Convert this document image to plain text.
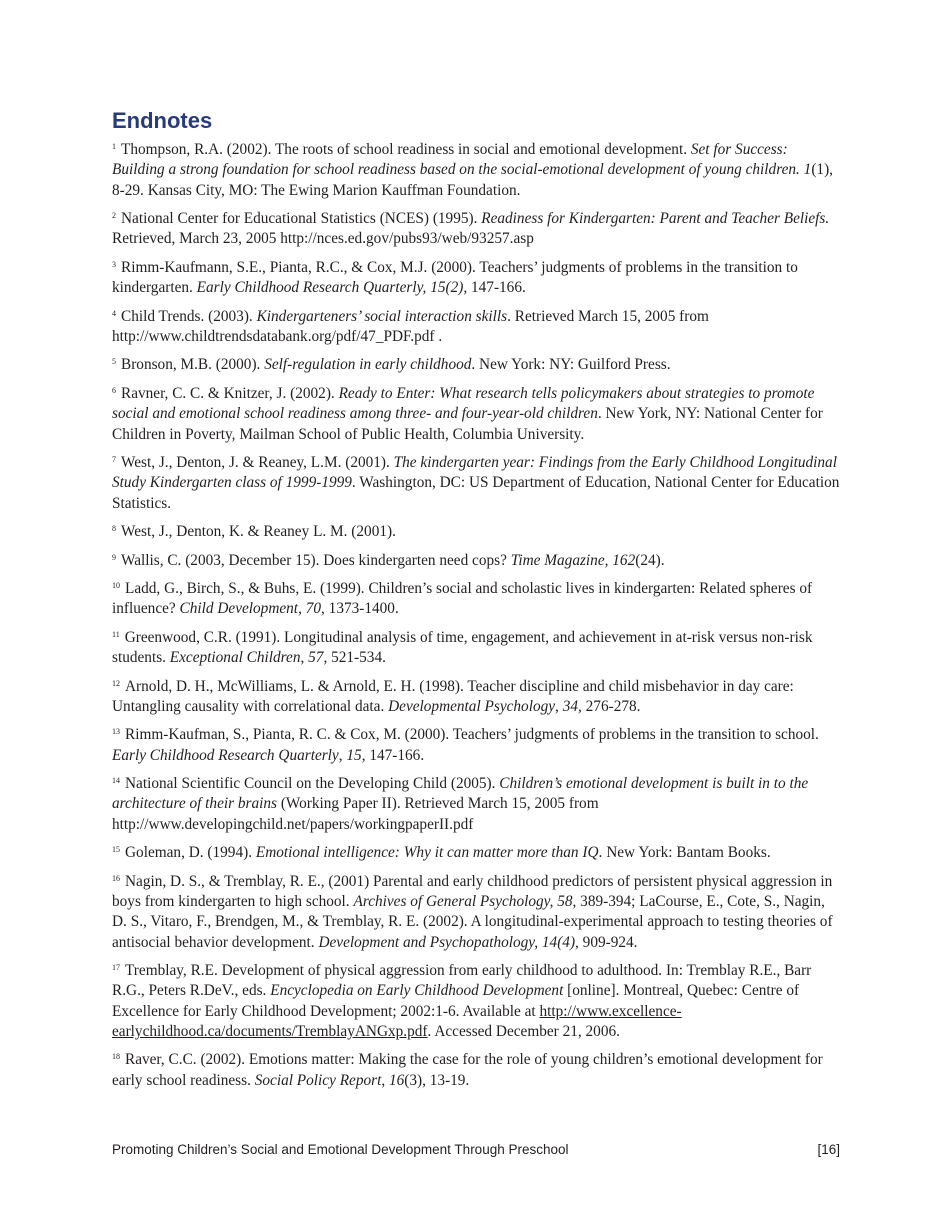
Endnotes

$^1$ Thompson, R.A. (2002). The roots of school readiness in social and emotional development. Set for Success: Building a strong foundation for school readiness based on the social-emotional development of young children. 1(1), 8-29. Kansas City, MO: The Ewing Marion Kauffman Foundation.

$^2$ National Center for Educational Statistics (NCES) (1995). Readiness for Kindergarten: Parent and Teacher Beliefs. Retrieved, March 23, 2005 http://nces.ed.gov/pubs93/web/93257.asp

$^3$ Rimm-Kaufmann, S.E., Pianta, R.C., & Cox, M.J. (2000). Teachers’ judgments of problems in the transition to kindergarten. Early Childhood Research Quarterly, 15(2), 147-166.

$^4$ Child Trends. (2003). Kindergarteners’ social interaction skills. Retrieved March 15, 2005 from http://www.childtrendsdatabank.org/pdf/47_PDF.pdf .

$^5$ Bronson, M.B. (2000). Self-regulation in early childhood. New York: NY: Guilford Press.

$^6$ Ravner, C. C. & Knitzer, J. (2002). Ready to Enter: What research tells policymakers about strategies to promote social and emotional school readiness among three- and four-year-old children. New York, NY: National Center for Children in Poverty, Mailman School of Public Health, Columbia University.

$^7$ West, J., Denton, J. & Reaney, L.M. (2001). The kindergarten year: Findings from the Early Childhood Longitudinal Study Kindergarten class of 1999-1999. Washington, DC: US Department of Education, National Center for Education Statistics.

$^8$ West, J., Denton, K. & Reaney L. M. (2001).

$^9$ Wallis, C. (2003, December 15). Does kindergarten need cops? Time Magazine, 162(24).

$^{10}$ Ladd, G., Birch, S., & Buhs, E. (1999). Children’s social and scholastic lives in kindergarten: Related spheres of influence? Child Development, 70, 1373-1400.

$^{11}$ Greenwood, C.R. (1991). Longitudinal analysis of time, engagement, and achievement in at-risk versus non-risk students. Exceptional Children, 57, 521-534.

$^{12}$ Arnold, D. H., McWilliams, L. & Arnold, E. H. (1998). Teacher discipline and child misbehavior in day care: Untangling causality with correlational data. Developmental Psychology, 34, 276-278.

$^{13}$ Rimm-Kaufman, S., Pianta, R. C. & Cox, M. (2000). Teachers’ judgments of problems in the transition to school. Early Childhood Research Quarterly, 15, 147-166.

$^{14}$ National Scientific Council on the Developing Child (2005). Children’s emotional development is built in to the architecture of their brains (Working Paper II). Retrieved March 15, 2005 from http://www.developingchild.net/papers/workingpaperII.pdf

$^{15}$ Goleman, D. (1994). Emotional intelligence: Why it can matter more than IQ. New York: Bantam Books.

$^{16}$ Nagin, D. S., & Tremblay, R. E., (2001) Parental and early childhood predictors of persistent physical aggression in boys from kindergarten to high school. Archives of General Psychology, 58, 389-394; LaCourse, E., Cote, S., Nagin, D. S., Vitaro, F., Brendgen, M., & Tremblay, R. E. (2002). A longitudinal-experimental approach to testing theories of antisocial behavior development. Development and Psychopathology, 14(4), 909-924.

$^{17}$ Tremblay, R.E. Development of physical aggression from early childhood to adulthood. In: Tremblay R.E., Barr R.G., Peters R.DeV., eds. Encyclopedia on Early Childhood Development [online]. Montreal, Quebec: Centre of Excellence for Early Childhood Development; 2002:1-6. Available at http://www.excellence-earlychildhood.ca/documents/TremblayANGxp.pdf. Accessed December 21, 2006.

$^{18}$ Raver, C.C. (2002). Emotions matter: Making the case for the role of young children’s emotional development for early school readiness. Social Policy Report, 16(3), 13-19.

Promoting Children’s Social and Emotional Development Through Preschool	[16]
